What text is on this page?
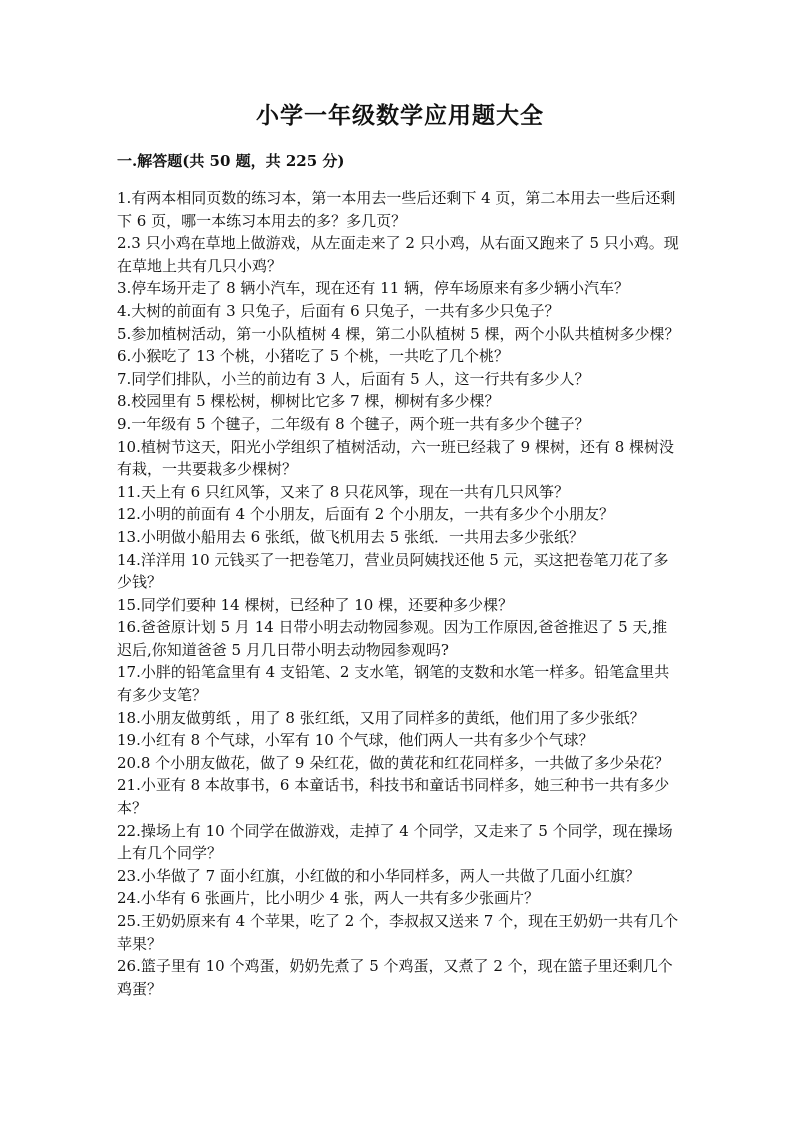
小学一年级数学应用题大全
一.解答题(共 50 题，共 225 分)
1.有两本相同页数的练习本，第一本用去一些后还剩下 4 页，第二本用去一些后还剩下 6 页，哪一本练习本用去的多？多几页？
2.3 只小鸡在草地上做游戏，从左面走来了 2 只小鸡，从右面又跑来了 5 只小鸡。现在草地上共有几只小鸡？
3.停车场开走了 8 辆小汽车，现在还有 11 辆，停车场原来有多少辆小汽车？
4.大树的前面有 3 只兔子，后面有 6 只兔子，一共有多少只兔子？
5.参加植树活动，第一小队植树 4 棵，第二小队植树 5 棵，两个小队共植树多少棵？
6.小猴吃了 13 个桃，小猪吃了 5 个桃，一共吃了几个桃？
7.同学们排队，小兰的前边有 3 人，后面有 5 人，这一行共有多少人？
8.校园里有 5 棵松树，柳树比它多 7 棵，柳树有多少棵？
9.一年级有 5 个毽子，二年级有 8 个毽子，两个班一共有多少个毽子？
10.植树节这天，阳光小学组织了植树活动，六一班已经栽了 9 棵树，还有 8 棵树没有栽，一共要栽多少棵树？
11.天上有 6 只红风筝，又来了 8 只花风筝，现在一共有几只风筝？
12.小明的前面有 4 个小朋友，后面有 2 个小朋友，一共有多少个小朋友？
13.小明做小船用去 6 张纸，做飞机用去 5 张纸．一共用去多少张纸？
14.洋洋用 10 元钱买了一把卷笔刀，营业员阿姨找还他 5 元，买这把卷笔刀花了多少钱？
15.同学们要种 14 棵树，已经种了 10 棵，还要种多少棵？
16.爸爸原计划 5 月 14 日带小明去动物园参观。因为工作原因,爸爸推迟了 5 天,推迟后,你知道爸爸 5 月几日带小明去动物园参观吗?
17.小胖的铅笔盒里有 4 支铅笔、2 支水笔，钢笔的支数和水笔一样多。铅笔盒里共有多少支笔？
18.小朋友做剪纸 ，用了 8 张红纸，又用了同样多的黄纸，他们用了多少张纸？
19.小红有 8 个气球，小军有 10 个气球，他们两人一共有多少个气球？
20.8 个小朋友做花，做了 9 朵红花，做的黄花和红花同样多，一共做了多少朵花？
21.小亚有 8 本故事书，6 本童话书，科技书和童话书同样多，她三种书一共有多少本？
22.操场上有 10 个同学在做游戏，走掉了 4 个同学，又走来了 5 个同学，现在操场上有几个同学？
23.小华做了 7 面小红旗，小红做的和小华同样多，两人一共做了几面小红旗？
24.小华有 6 张画片，比小明少 4 张，两人一共有多少张画片？
25.王奶奶原来有 4 个苹果，吃了 2 个，李叔叔又送来 7 个，现在王奶奶一共有几个苹果？
26.篮子里有 10 个鸡蛋，奶奶先煮了 5 个鸡蛋，又煮了 2 个，现在篮子里还剩几个鸡蛋？
